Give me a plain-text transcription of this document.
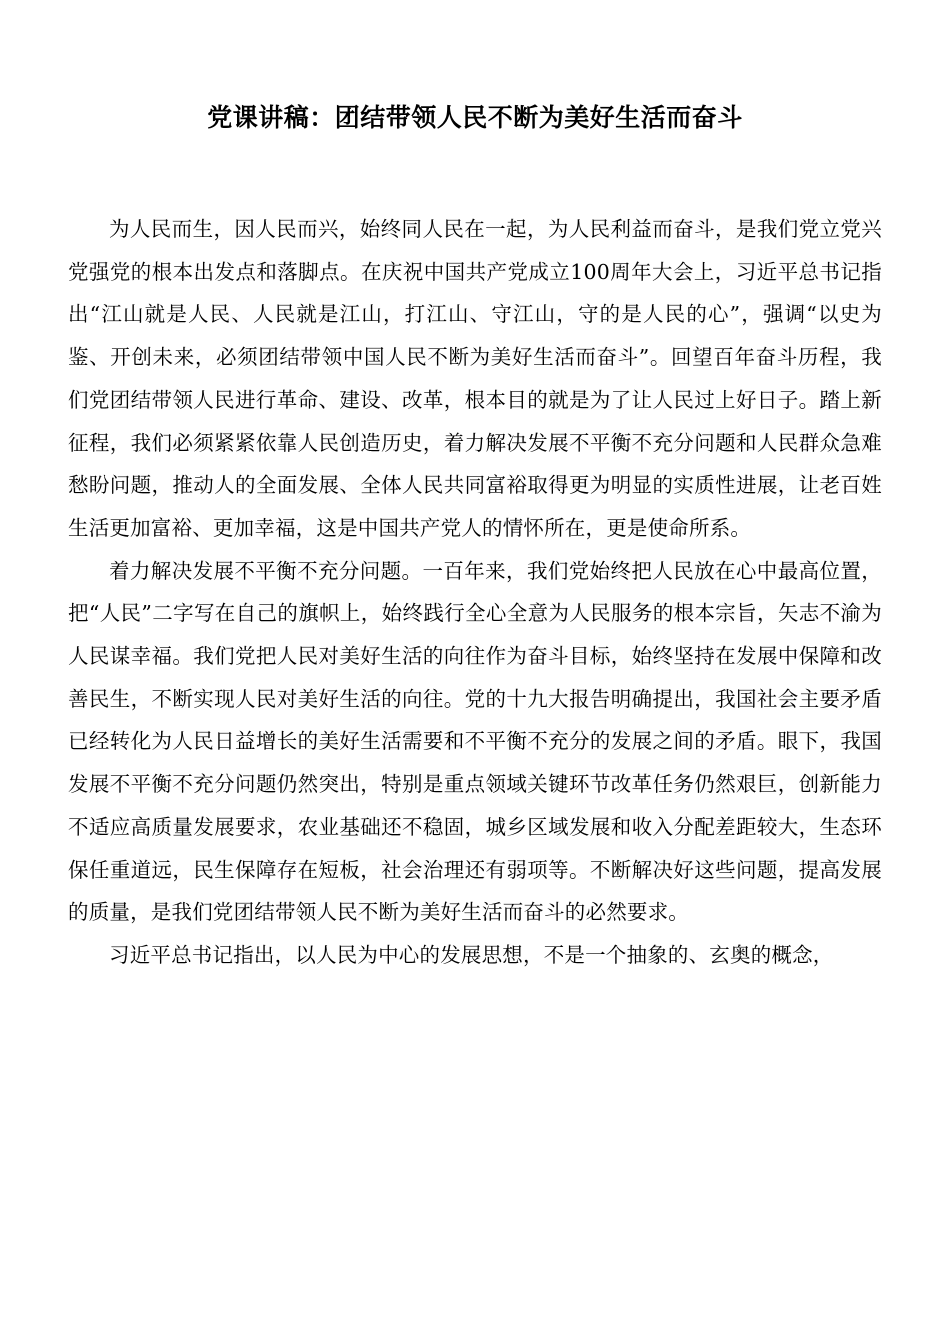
党课讲稿：团结带领人民不断为美好生活而奋斗

为人民而生，因人民而兴，始终同人民在一起，为人民利益而奋斗，是我们党立党兴党强党的根本出发点和落脚点。在庆祝中国共产党成立100周年大会上，习近平总书记指出“江山就是人民、人民就是江山，打江山、守江山，守的是人民的心”，强调“以史为鉴、开创未来，必须团结带领中国人民不断为美好生活而奋斗”。回望百年奋斗历程，我们党团结带领人民进行革命、建设、改革，根本目的就是为了让人民过上好日子。踏上新征程，我们必须紧紧依靠人民创造历史，着力解决发展不平衡不充分问题和人民群众急难愁盼问题，推动人的全面发展、全体人民共同富裕取得更为明显的实质性进展，让老百姓生活更加富裕、更加幸福，这是中国共产党人的情怀所在，更是使命所系。

着力解决发展不平衡不充分问题。一百年来，我们党始终把人民放在心中最高位置，把“人民”二字写在自己的旗帜上，始终践行全心全意为人民服务的根本宗旨，矢志不渝为人民谋幸福。我们党把人民对美好生活的向往作为奋斗目标，始终坚持在发展中保障和改善民生，不断实现人民对美好生活的向往。党的十九大报告明确提出，我国社会主要矛盾已经转化为人民日益增长的美好生活需要和不平衡不充分的发展之间的矛盾。眼下，我国发展不平衡不充分问题仍然突出，特别是重点领域关键环节改革任务仍然艰巨，创新能力不适应高质量发展要求，农业基础还不稳固，城乡区域发展和收入分配差距较大，生态环保任重道远，民生保障存在短板，社会治理还有弱项等。不断解决好这些问题，提高发展的质量，是我们党团结带领人民不断为美好生活而奋斗的必然要求。

习近平总书记指出，以人民为中心的发展思想，不是一个抽象的、玄奥的概念，
